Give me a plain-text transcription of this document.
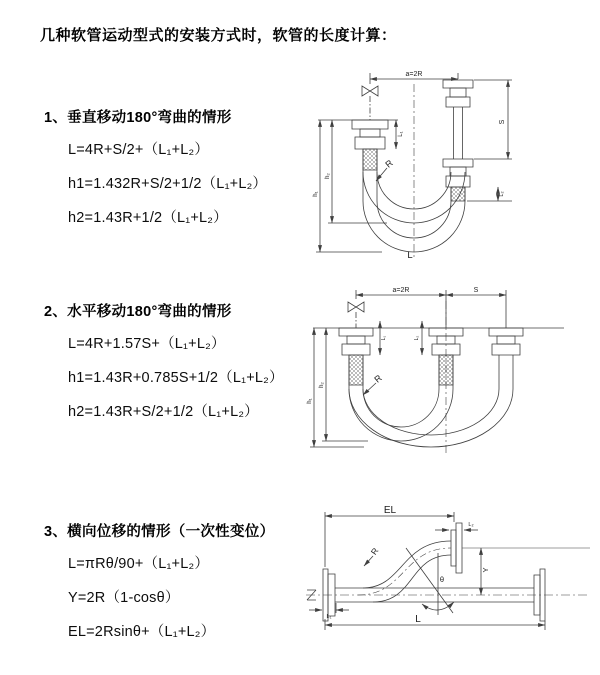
几种软管运动型式的安装方式时，软管的长度计算：
1、垂直移动180°弯曲的情形

L=4R+S/2+（L₁+L₂）

h1=1.432R+S/2+1/2（L₁+L₂）

h2=1.43R+1/2（L₁+L₂）

2、水平移动180°弯曲的情形

L=4R+1.57S+（L₁+L₂）

h1=1.43R+0.785S+1/2（L₁+L₂）

h2=1.43R+S/2+1/2（L₁+L₂）

3、横向位移的情形（一次性变位）

L=πRθ/90+（L₁+L₂）

Y=2R（1-cosθ）

EL=2Rsinθ+（L₁+L₂）

a=2R
L₁
S
L₂
h₂
h₁
R
L
a=2R	S
L₁	L₂
h₂
h₁
R
EL
L₂
Y
R
θ
L
L₁
